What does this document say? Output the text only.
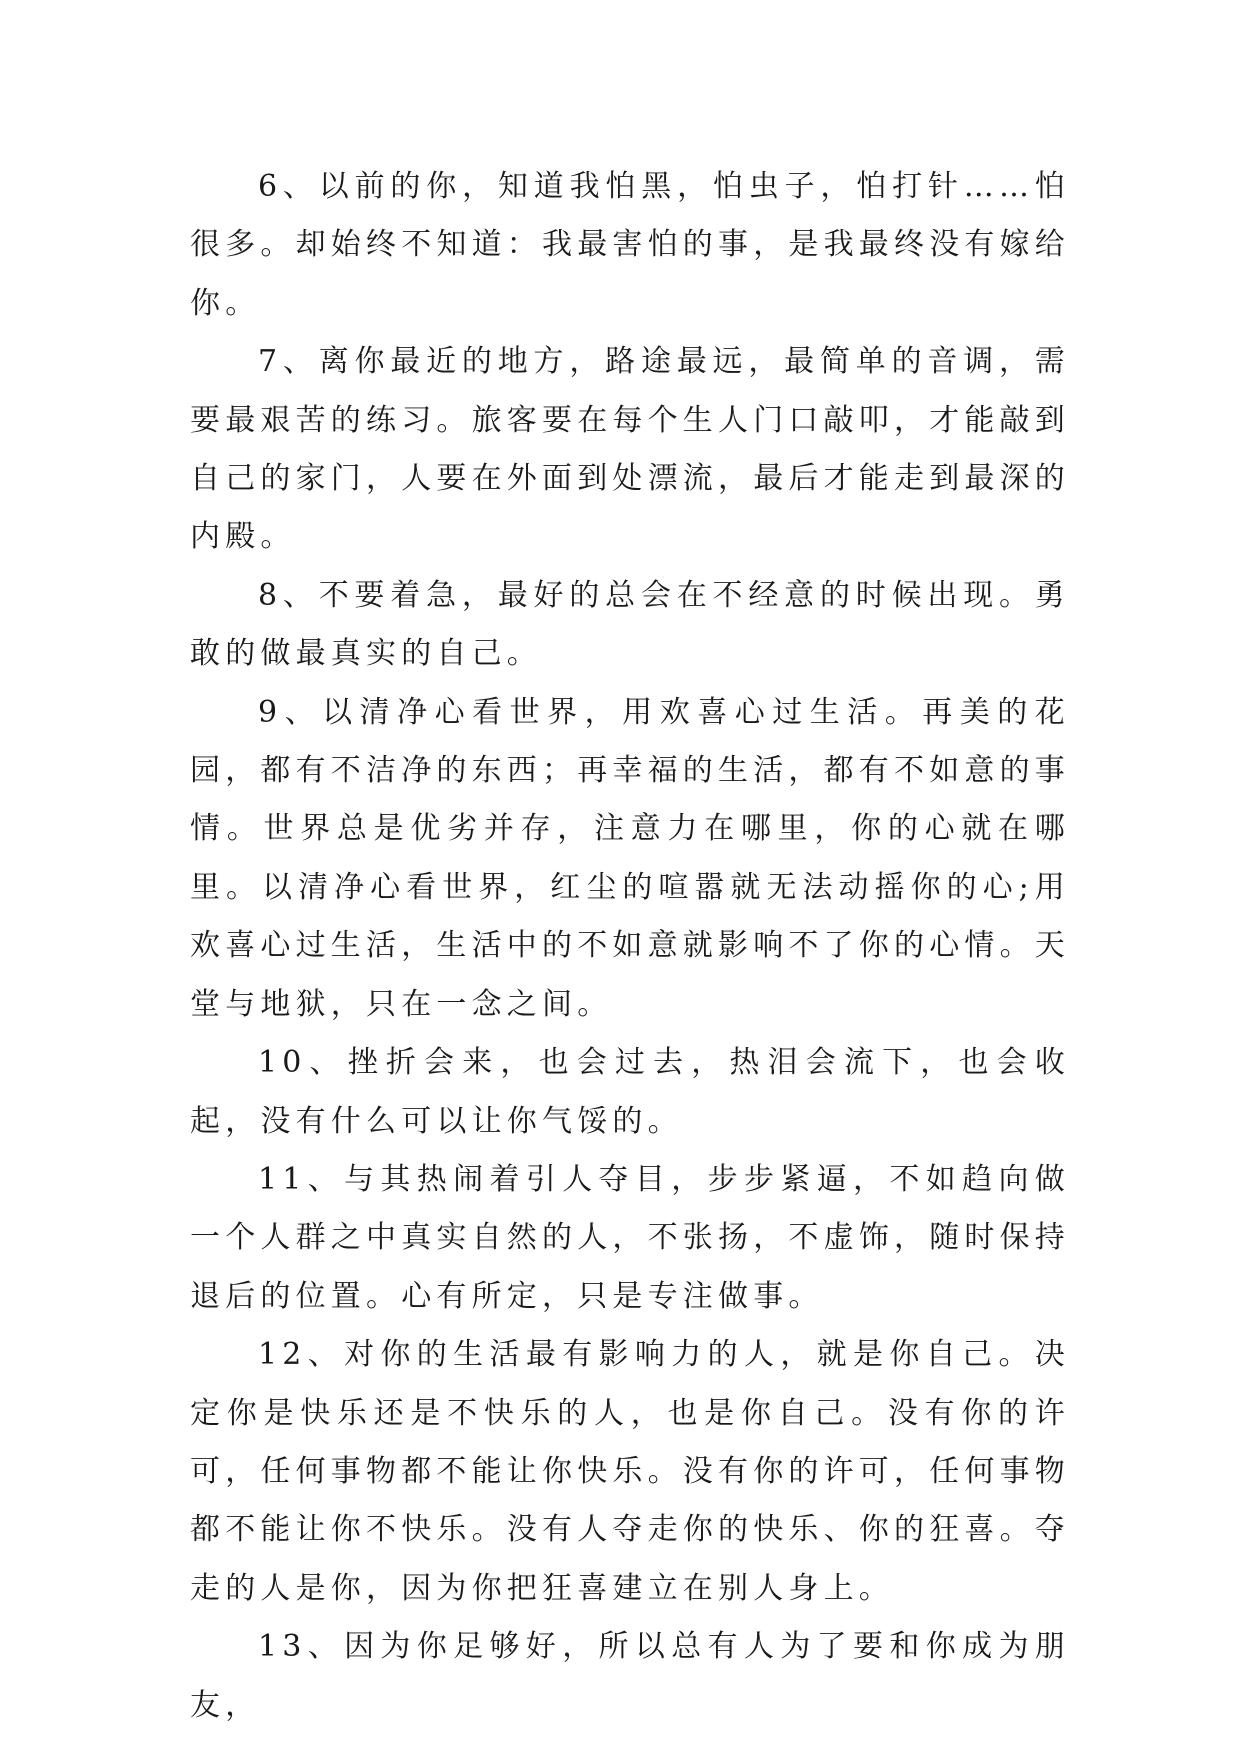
6、以前的你，知道我怕黑，怕虫子，怕打针……怕很多。却始终不知道：我最害怕的事，是我最终没有嫁给你。

7、离你最近的地方，路途最远，最简单的音调，需要最艰苦的练习。旅客要在每个生人门口敲叩，才能敲到自己的家门，人要在外面到处漂流，最后才能走到最深的内殿。

8、不要着急，最好的总会在不经意的时候出现。勇敢的做最真实的自己。

9、以清净心看世界，用欢喜心过生活。再美的花园，都有不洁净的东西；再幸福的生活，都有不如意的事情。世界总是优劣并存，注意力在哪里，你的心就在哪里。以清净心看世界，红尘的喧嚣就无法动摇你的心;用欢喜心过生活，生活中的不如意就影响不了你的心情。天堂与地狱，只在一念之间。

10、挫折会来，也会过去，热泪会流下，也会收起，没有什么可以让你气馁的。

11、与其热闹着引人夺目，步步紧逼，不如趋向做一个人群之中真实自然的人，不张扬，不虚饰，随时保持退后的位置。心有所定，只是专注做事。

12、对你的生活最有影响力的人，就是你自己。决定你是快乐还是不快乐的人，也是你自己。没有你的许可，任何事物都不能让你快乐。没有你的许可，任何事物都不能让你不快乐。没有人夺走你的快乐、你的狂喜。夺走的人是你，因为你把狂喜建立在别人身上。

13、因为你足够好，所以总有人为了要和你成为朋友，
